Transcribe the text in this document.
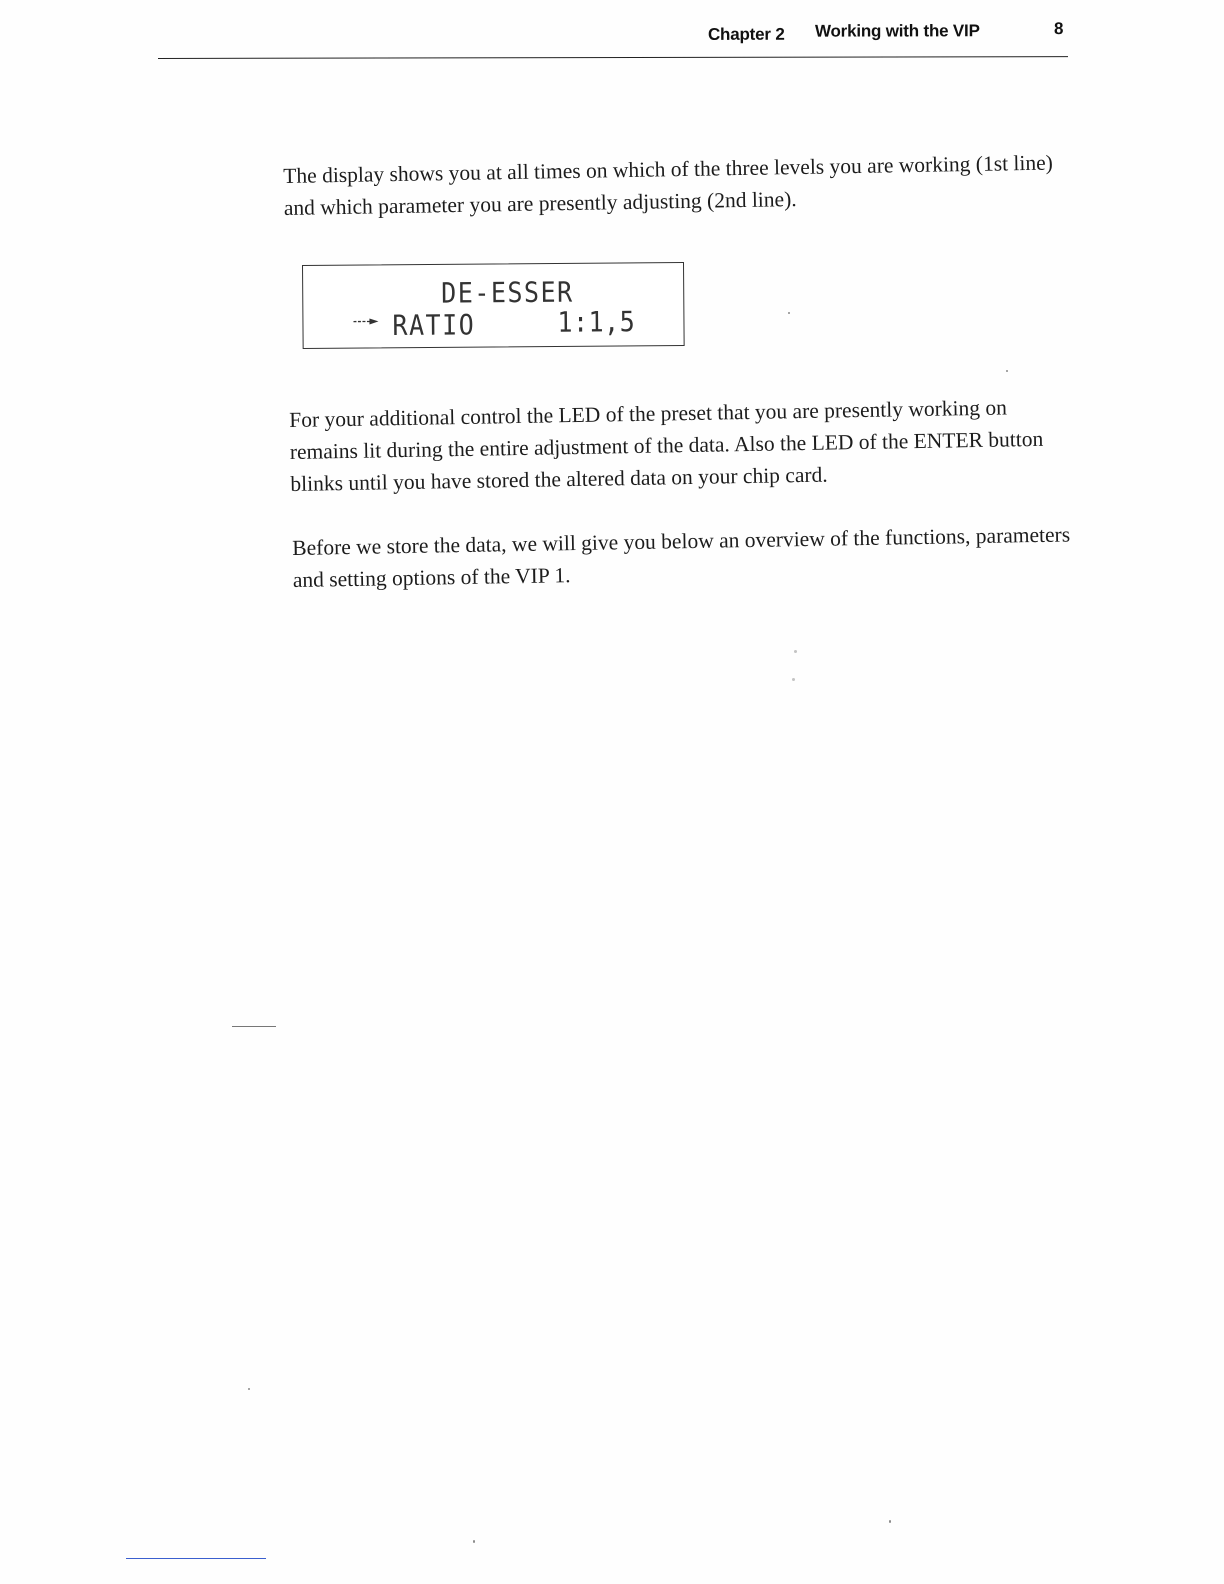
Chapter 2 Working with the VIP	8

The display shows you at all times on which of the three levels you are working (1st line) and which parameter you are presently adjusting (2nd line).

DE-ESSER
RATIO	1:1,5

For your additional control the LED of the preset that you are presently working on remains lit during the entire adjustment of the data. Also the LED of the ENTER button blinks until you have stored the altered data on your chip card.

Before we store the data, we will give you below an overview of the functions, parameters and setting options of the VIP 1.
